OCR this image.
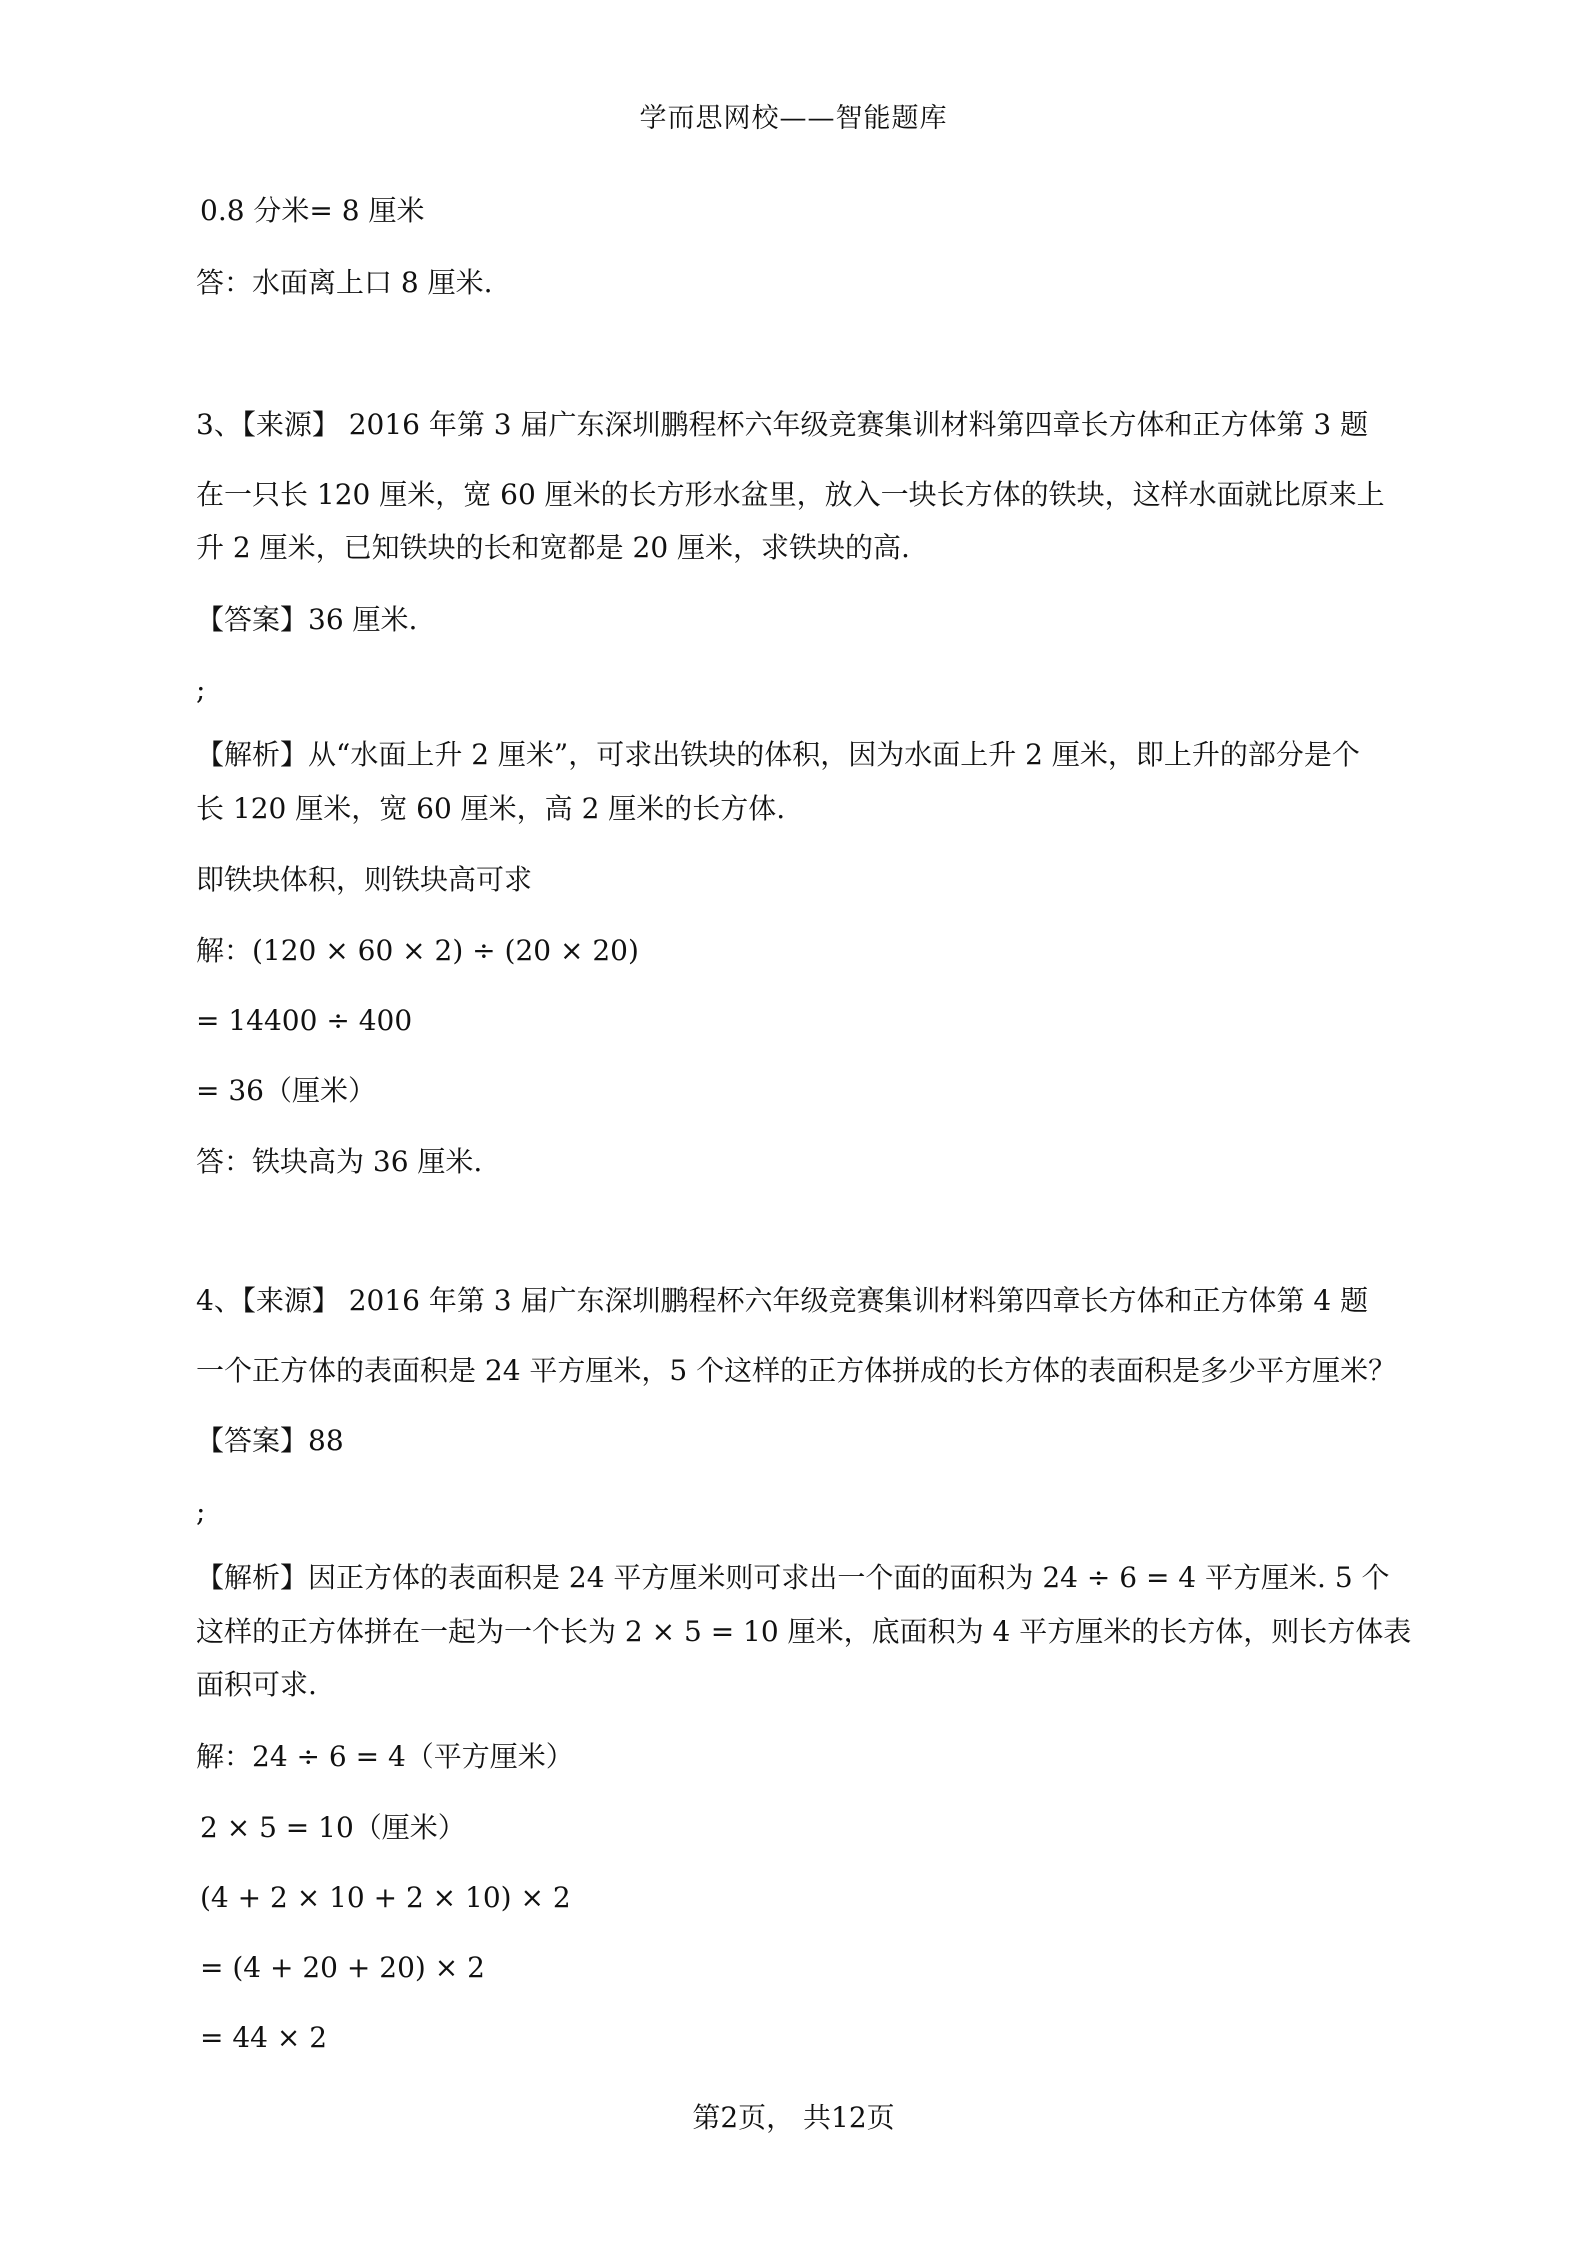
学而思网校——智能题库
0.8 分米= 8 厘米
答：水面离上口 8 厘米.
3、【来源】 2016 年第 3 届广东深圳鹏程杯六年级竞赛集训材料第四章长方体和正方体第 3 题
在一只长 120 厘米，宽 60 厘米的长方形水盆里，放入一块长方体的铁块，这样水面就比原来上
升 2 厘米，已知铁块的长和宽都是 20 厘米，求铁块的高.
【答案】36 厘米.
;
【解析】从“水面上升 2 厘米”，可求出铁块的体积，因为水面上升 2 厘米，即上升的部分是个
长 120 厘米，宽 60 厘米，高 2 厘米的长方体.
即铁块体积，则铁块高可求
解：(120 × 60 × 2) ÷ (20 × 20)
= 14400 ÷ 400
= 36（厘米）
答：铁块高为 36 厘米.
4、【来源】 2016 年第 3 届广东深圳鹏程杯六年级竞赛集训材料第四章长方体和正方体第 4 题
一个正方体的表面积是 24 平方厘米，5 个这样的正方体拼成的长方体的表面积是多少平方厘米？
【答案】88
;
【解析】因正方体的表面积是 24 平方厘米则可求出一个面的面积为 24 ÷ 6 = 4 平方厘米. 5 个
这样的正方体拼在一起为一个长为 2 × 5 = 10 厘米，底面积为 4 平方厘米的长方体，则长方体表
面积可求.
解：24 ÷ 6 = 4（平方厘米）
2 × 5 = 10（厘米）
(4 + 2 × 10 + 2 × 10) × 2
= (4 + 20 + 20) × 2
= 44 × 2
第2页， 共12页
